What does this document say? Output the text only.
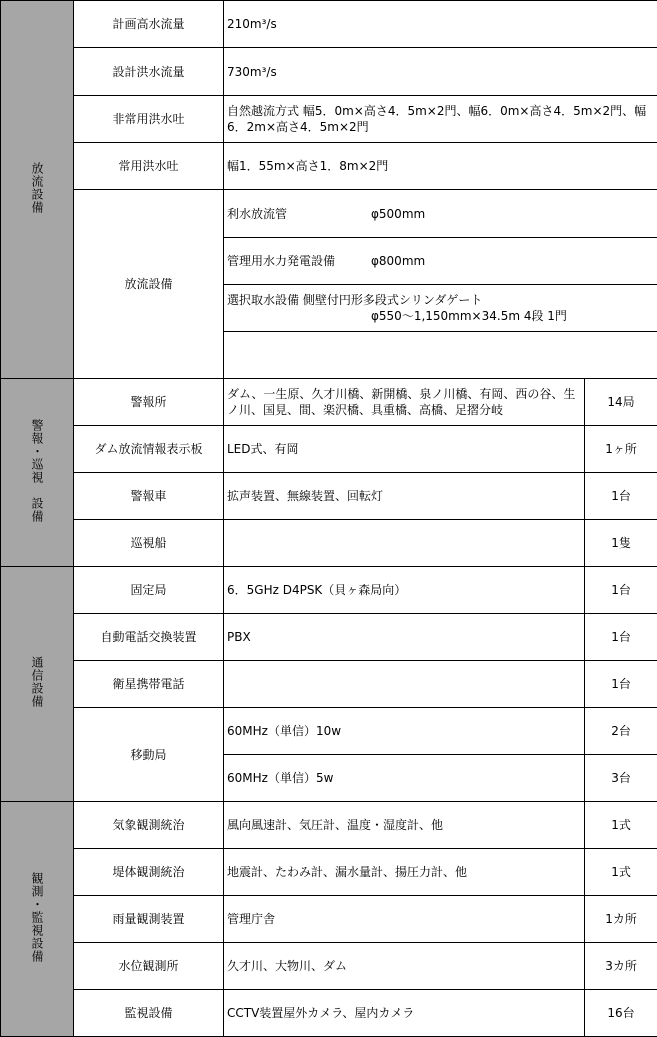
放流設備	計画高水流量	210m³/s	
	設計洪水流量	730m³/s	
	非常用洪水吐	自然越流方式 幅5．0m×高さ4．5m×2門、幅6．0m×高さ4．5m×2門、幅6．2m×高さ4．5m×2門	
	常用洪水吐	幅1．55m×高さ1．8m×2門	
	放流設備	利水放流管　　　　　　　φ500mm	
		管理用水力発電設備　　　φ800mm	
		選択取水設備 側壁付円形多段式シリンダゲート
　　　　　　　　　　　　φ550～1,150mm×34.5m 4段 1門	

警報・巡視　設備	警報所	ダム、一生原、久才川橋、新開橋、泉ノ川橋、有岡、西の谷、生ノ川、国見、間、楽沢橋、具重橋、高橋、足摺分岐	14局
	ダム放流情報表示板	LED式、有岡	1ヶ所
	警報車	拡声装置、無線装置、回転灯	1台
	巡視船		1隻
通信設備	固定局	6．5GHz D4PSK（貝ヶ森局向）	1台
	自動電話交換装置	PBX	1台
	衛星携帯電話		1台
	移動局	60MHz（単信）10w	2台
		60MHz（単信）5w	3台
観測・監視設備	気象観測統治	風向風速計、気圧計、温度・湿度計、他	1式
	堤体観測統治	地震計、たわみ計、漏水量計、揚圧力計、他	1式
	雨量観測装置	管理庁舎	1カ所
	水位観測所	久才川、大物川、ダム	3カ所
	監視設備	CCTV装置屋外カメラ、屋内カメラ	16台
